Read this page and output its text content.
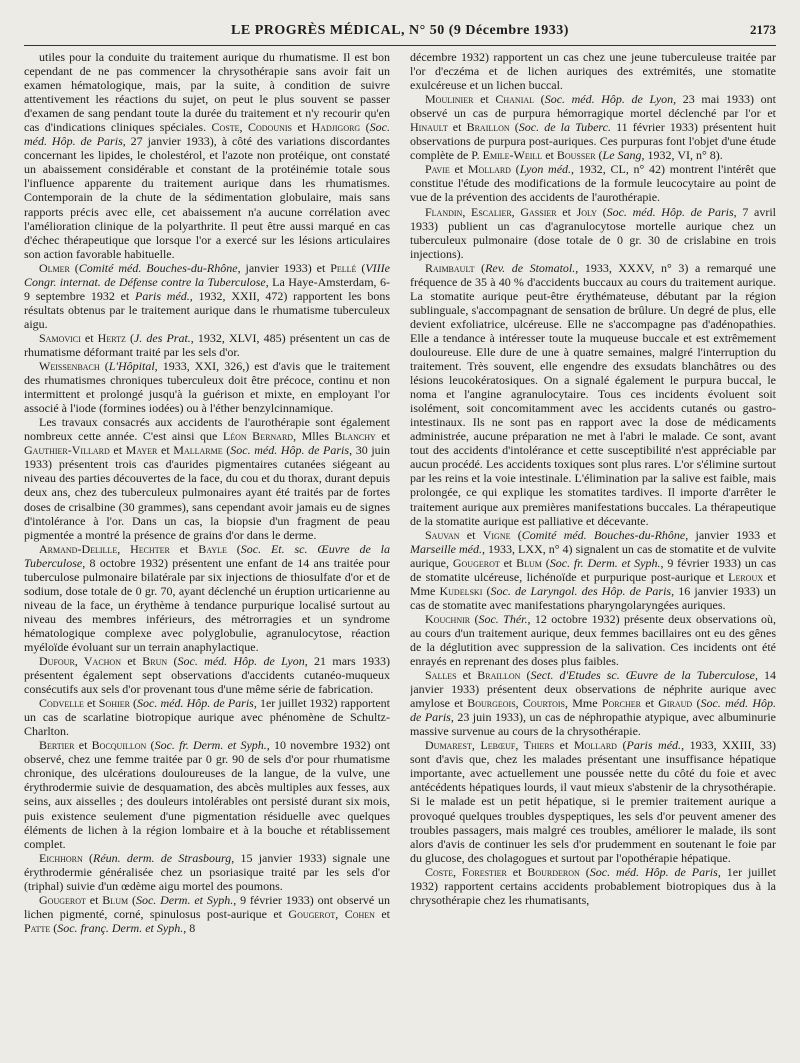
LE PROGRÈS MÉDICAL, N° 50 (9 Décembre 1933)	2173

utiles pour la conduite du traitement aurique du rhumatisme. Il est bon cependant de ne pas commencer la chrysothérapie sans avoir fait un examen hématologique, mais, par la suite, à condition de suivre attentivement les réactions du sujet, on peut le plus souvent se passer d'examen de sang pendant toute la durée du traitement et n'y recourir qu'en cas d'indications cliniques spéciales. Coste, Codounis et Hadjigorg (Soc. méd. Hôp. de Paris, 27 janvier 1933), à côté des variations discordantes concernant les lipides, le cholestérol, et l'azote non protéique, ont constaté un abaissement considérable et constant de la protéinémie totale sous l'influence apparente du traitement aurique dans les rhumatismes. Contemporain de la chute de la sédimentation globulaire, mais sans rapports précis avec elle, cet abaissement n'a aucune corrélation avec l'amélioration clinique de la polyarthrite. Il peut être aussi marqué en cas d'échec thérapeutique que lorsque l'or a exercé sur les lésions articulaires son action favorable habituelle.

Olmer (Comité méd. Bouches-du-Rhône, janvier 1933) et Pellé (VIIIe Congr. internat. de Défense contre la Tuberculose, La Haye-Amsterdam, 6-9 septembre 1932 et Paris méd., 1932, XXII, 472) rapportent les bons résultats obtenus par le traitement aurique dans le rhumatisme tuberculeux aigu.

Samovici et Hertz (J. des Prat., 1932, XLVI, 485) présentent un cas de rhumatisme déformant traité par les sels d'or.

Weissenbach (L'Hôpital, 1933, XXI, 326,) est d'avis que le traitement des rhumatismes chroniques tuberculeux doit être précoce, continu et non intermittent et prolongé jusqu'à la guérison et mixte, en employant l'or associé à l'iode (formines iodées) ou à l'éther benzylcinnamique.

Les travaux consacrés aux accidents de l'aurothérapie sont également nombreux cette année. C'est ainsi que Léon Bernard, Mlles Blanchy et Gauthier-Villard et Mayer et Mallarme (Soc. méd. Hôp. de Paris, 30 juin 1933) présentent trois cas d'aurides pigmentaires cutanées siégeant au niveau des parties découvertes de la face, du cou et du thorax, durant depuis deux ans, chez des tuberculeux pulmonaires ayant été traités par de fortes doses de crisalbine (30 grammes), sans cependant avoir jamais eu de signes d'intolérance à l'or. Dans un cas, la biopsie d'un fragment de peau pigmentée a montré la présence de grains d'or dans le derme.

Armand-Delille, Hechter et Bayle (Soc. Et. sc. Œuvre de la Tuberculose, 8 octobre 1932) présentent une enfant de 14 ans traitée pour tuberculose pulmonaire bilatérale par six injections de thiosulfate d'or et de sodium, dose totale de 0 gr. 70, ayant déclenché un éruption urticarienne au niveau de la face, un érythème à tendance purpurique localisé surtout au niveau des membres inférieurs, des métrorragies et un syndrome hématologique complexe avec polyglobulie, agranulocytose, réaction myéloïde évoluant sur un terrain anaphylactique.

Dufour, Vachon et Brun (Soc. méd. Hôp. de Lyon, 21 mars 1933) présentent également sept observations d'accidents cutanéo-muqueux consécutifs aux sels d'or provenant tous d'une même série de fabrication.

Codvelle et Sohier (Soc. méd. Hôp. de Paris, 1er juillet 1932) rapportent un cas de scarlatine biotropique aurique avec phénomène de Schultz-Charlton.

Bertier et Bocquillon (Soc. fr. Derm. et Syph., 10 novembre 1932) ont observé, chez une femme traitée par 0 gr. 90 de sels d'or pour rhumatisme chronique, des ulcérations douloureuses de la langue, de la vulve, une érythrodermie suivie de desquamation, des abcès multiples aux fesses, aux seins, aux aisselles ; des douleurs intolérables ont persisté durant six mois, puis existence seulement d'une pigmentation résiduelle avec quelques éléments de lichen à la région lombaire et à la bouche et rétablissement complet.

Eichhorn (Réun. derm. de Strasbourg, 15 janvier 1933) signale une érythrodermie généralisée chez un psoriasique traité par les sels d'or (triphal) suivie d'un œdème aigu mortel des poumons.

Gougerot et Blum (Soc. Derm. et Syph., 9 février 1933) ont observé un lichen pigmenté, corné, spinulosus post-aurique et Gougerot, Cohen et Patte (Soc. franç. Derm. et Syph., 8

décembre 1932) rapportent un cas chez une jeune tuberculeuse traitée par l'or d'eczéma et de lichen auriques des extrémités, une stomatite exulcéreuse et un lichen buccal.

Moulinier et Chanial (Soc. méd. Hôp. de Lyon, 23 mai 1933) ont observé un cas de purpura hémorragique mortel déclenché par l'or et Hinault et Braillon (Soc. de la Tuberc. 11 février 1933) présentent huit observations de purpura post-auriques. Ces purpuras font l'objet d'une étude complète de P. Emile-Weill et Bousser (Le Sang, 1932, VI, n° 8).

Pavie et Mollard (Lyon méd., 1932, CL, n° 42) montrent l'intérêt que constitue l'étude des modifications de la formule leucocytaire au point de vue de la prévention des accidents de l'aurothérapie.

Flandin, Escalier, Gassier et Joly (Soc. méd. Hôp. de Paris, 7 avril 1933) publient un cas d'agranulocytose mortelle aurique chez un tuberculeux pulmonaire (dose totale de 0 gr. 30 de crislabine en trois injections).

Raimbault (Rev. de Stomatol., 1933, XXXV, n° 3) a remarqué une fréquence de 35 à 40 % d'accidents buccaux au cours du traitement aurique. La stomatite aurique peut-être érythémateuse, débutant par la région sublinguale, s'accompagnant de sensation de brûlure. Un degré de plus, elle devient exfoliatrice, ulcéreuse. Elle ne s'accompagne pas d'adénopathies. Elle a tendance à intéresser toute la muqueuse buccale et est extrêmement douloureuse. Elle dure de une à quatre semaines, malgré l'interruption du traitement. Très souvent, elle engendre des exsudats blanchâtres ou des lésions leucokératosiques. On a signalé également le purpura buccal, le noma et l'angine agranulocytaire. Tous ces incidents évoluent soit isolément, soit concomitamment avec les accidents cutanés ou gastro-intestinaux. Ils ne sont pas en rapport avec la dose de médicaments administrée, aucune préparation ne met à l'abri le malade. Ce sont, avant tout des accidents d'intolérance et cette susceptibilité n'est appréciable par aucun procédé. Les accidents toxiques sont plus rares. L'or s'élimine surtout par les reins et la voie intestinale. L'élimination par la salive est faible, mais prolongée, ce qui explique les stomatites tardives. Il importe d'arrêter le traitement aurique aux premières manifestations buccales. La thérapeutique de la stomatite aurique est palliative et décevante.

Sauvan et Vigne (Comité méd. Bouches-du-Rhône, janvier 1933 et Marseille méd., 1933, LXX, n° 4) signalent un cas de stomatite et de vulvite aurique, Gougerot et Blum (Soc. fr. Derm. et Syph., 9 février 1933) un cas de stomatite ulcéreuse, lichénoïde et purpurique post-aurique et Leroux et Mme Kudelski (Soc. de Laryngol. des Hôp. de Paris, 16 janvier 1933) un cas de stomatite avec manifestations pharyngolaryngées auriques.

Kouchnir (Soc. Thér., 12 octobre 1932) présente deux observations où, au cours d'un traitement aurique, deux femmes bacillaires ont eu des gênes de la déglutition avec suppression de la salivation. Ces incidents ont été enrayés en reprenant des doses plus faibles.

Salles et Braillon (Sect. d'Etudes sc. Œuvre de la Tuberculose, 14 janvier 1933) présentent deux observations de néphrite aurique avec amylose et Bourgeois, Courtois, Mme Porcher et Giraud (Soc. méd. Hôp. de Paris, 23 juin 1933), un cas de néphropathie atypique, avec albuminurie massive survenue au cours de la chrysothérapie.

Dumarest, Lebœuf, Thiers et Mollard (Paris méd., 1933, XXIII, 33) sont d'avis que, chez les malades présentant une insuffisance hépatique importante, avec actuellement une poussée nette du côté du foie et avec antécédents hépatiques lourds, il vaut mieux s'abstenir de la chrysothérapie. Si le malade est un petit hépatique, si le premier traitement aurique a provoqué quelques troubles dyspeptiques, les sels d'or peuvent amener des troubles passagers, mais malgré ces troubles, améliorer le malade, ils sont alors d'avis de continuer les sels d'or prudemment en soutenant le foie par du glucose, des cholagogues et surtout par l'opothérapie hépatique.

Coste, Forestier et Bourderon (Soc. méd. Hôp. de Paris, 1er juillet 1932) rapportent certains accidents probablement biotropiques dus à la chrysothérapie chez les rhumatisants,
